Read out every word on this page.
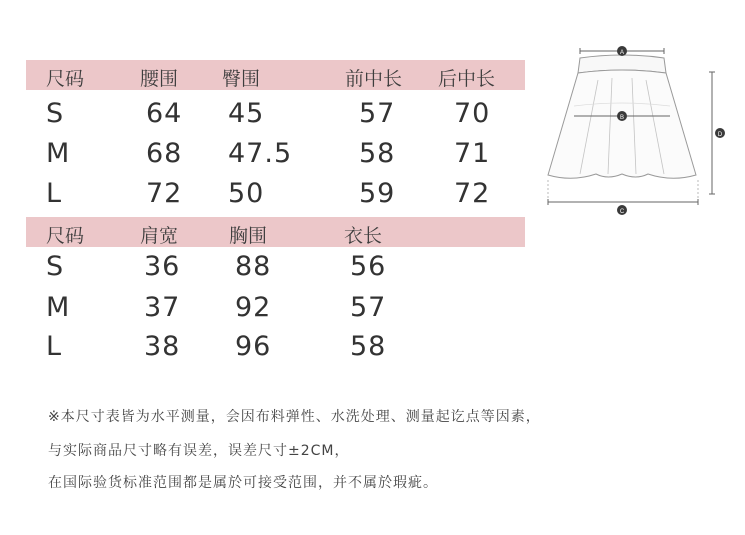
尺码	腰围 臀围	前中长 后中长
S	64 45	57 70
M	68 47.5 58 71
L	72 50	59 72
尺码	肩宽	胸围	衣长
S	36 88	56
M	37 92	57
L	38 96	58
A
B
C
D
※本尺寸表皆为水平测量，会因布料弹性、水洗处理、测量起讫点等因素，
与实际商品尺寸略有误差，误差尺寸±2CM，
在国际验货标准范围都是属於可接受范围，并不属於瑕疵。
